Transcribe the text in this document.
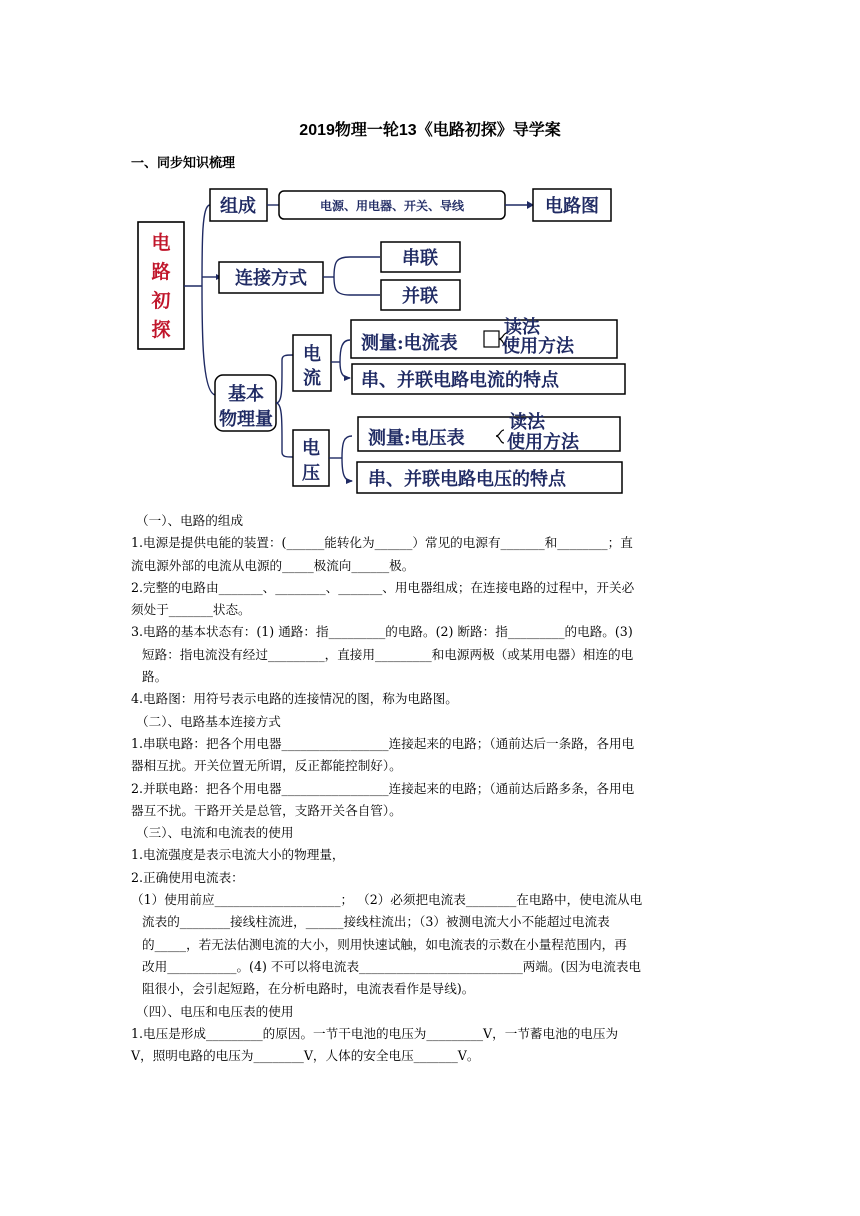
2019物理一轮13《电路初探》导学案
一、同步知识梳理
电
路
初
探
组成	电源、用电器、开关、导线	电路图
连接方式
串联
并联
基本
物理量
电
流
测量:电流表
读法
使用方法
串、并联电路电流的特点
电
压
测量:电压表
读法
使用方法
串、并联电路电压的特点
（一）、电路的组成
1.电源是提供电能的装置：(______能转化为______）常见的电源有_______和________；直
流电源外部的电流从电源的_____极流向______极。
2.完整的电路由_______、________、_______、用电器组成；在连接电路的过程中，开关必
须处于_______状态。
3.电路的基本状态有：(1) 通路：指_________的电路。(2) 断路：指_________的电路。(3)
短路：指电流没有经过_________，直接用_________和电源两极（或某用电器）相连的电
路。
4.电路图：用符号表示电路的连接情况的图，称为电路图。
（二）、电路基本连接方式
1.串联电路：把各个用电器_________________连接起来的电路；（通前达后一条路，各用电
器相互扰。开关位置无所谓，反正都能控制好）。
2.并联电路：把各个用电器_________________连接起来的电路；（通前达后路多条，各用电
器互不扰。干路开关是总管，支路开关各自管）。
（三）、电流和电流表的使用
1.电流强度是表示电流大小的物理量，
2.正确使用电流表：
（1）使用前应____________________； （2）必须把电流表________在电路中，使电流从电
流表的________接线柱流进，______接线柱流出；（3）被测电流大小不能超过电流表
的_____，若无法估测电流的大小，则用快速试触，如电流表的示数在小量程范围内，再
改用___________。(4) 不可以将电流表__________________________两端。(因为电流表电
阻很小，会引起短路，在分析电路时，电流表看作是导线)。
（四）、电压和电压表的使用
1.电压是形成_________的原因。一节干电池的电压为_________V，一节蓄电池的电压为
V，照明电路的电压为________V，人体的安全电压_______V。
